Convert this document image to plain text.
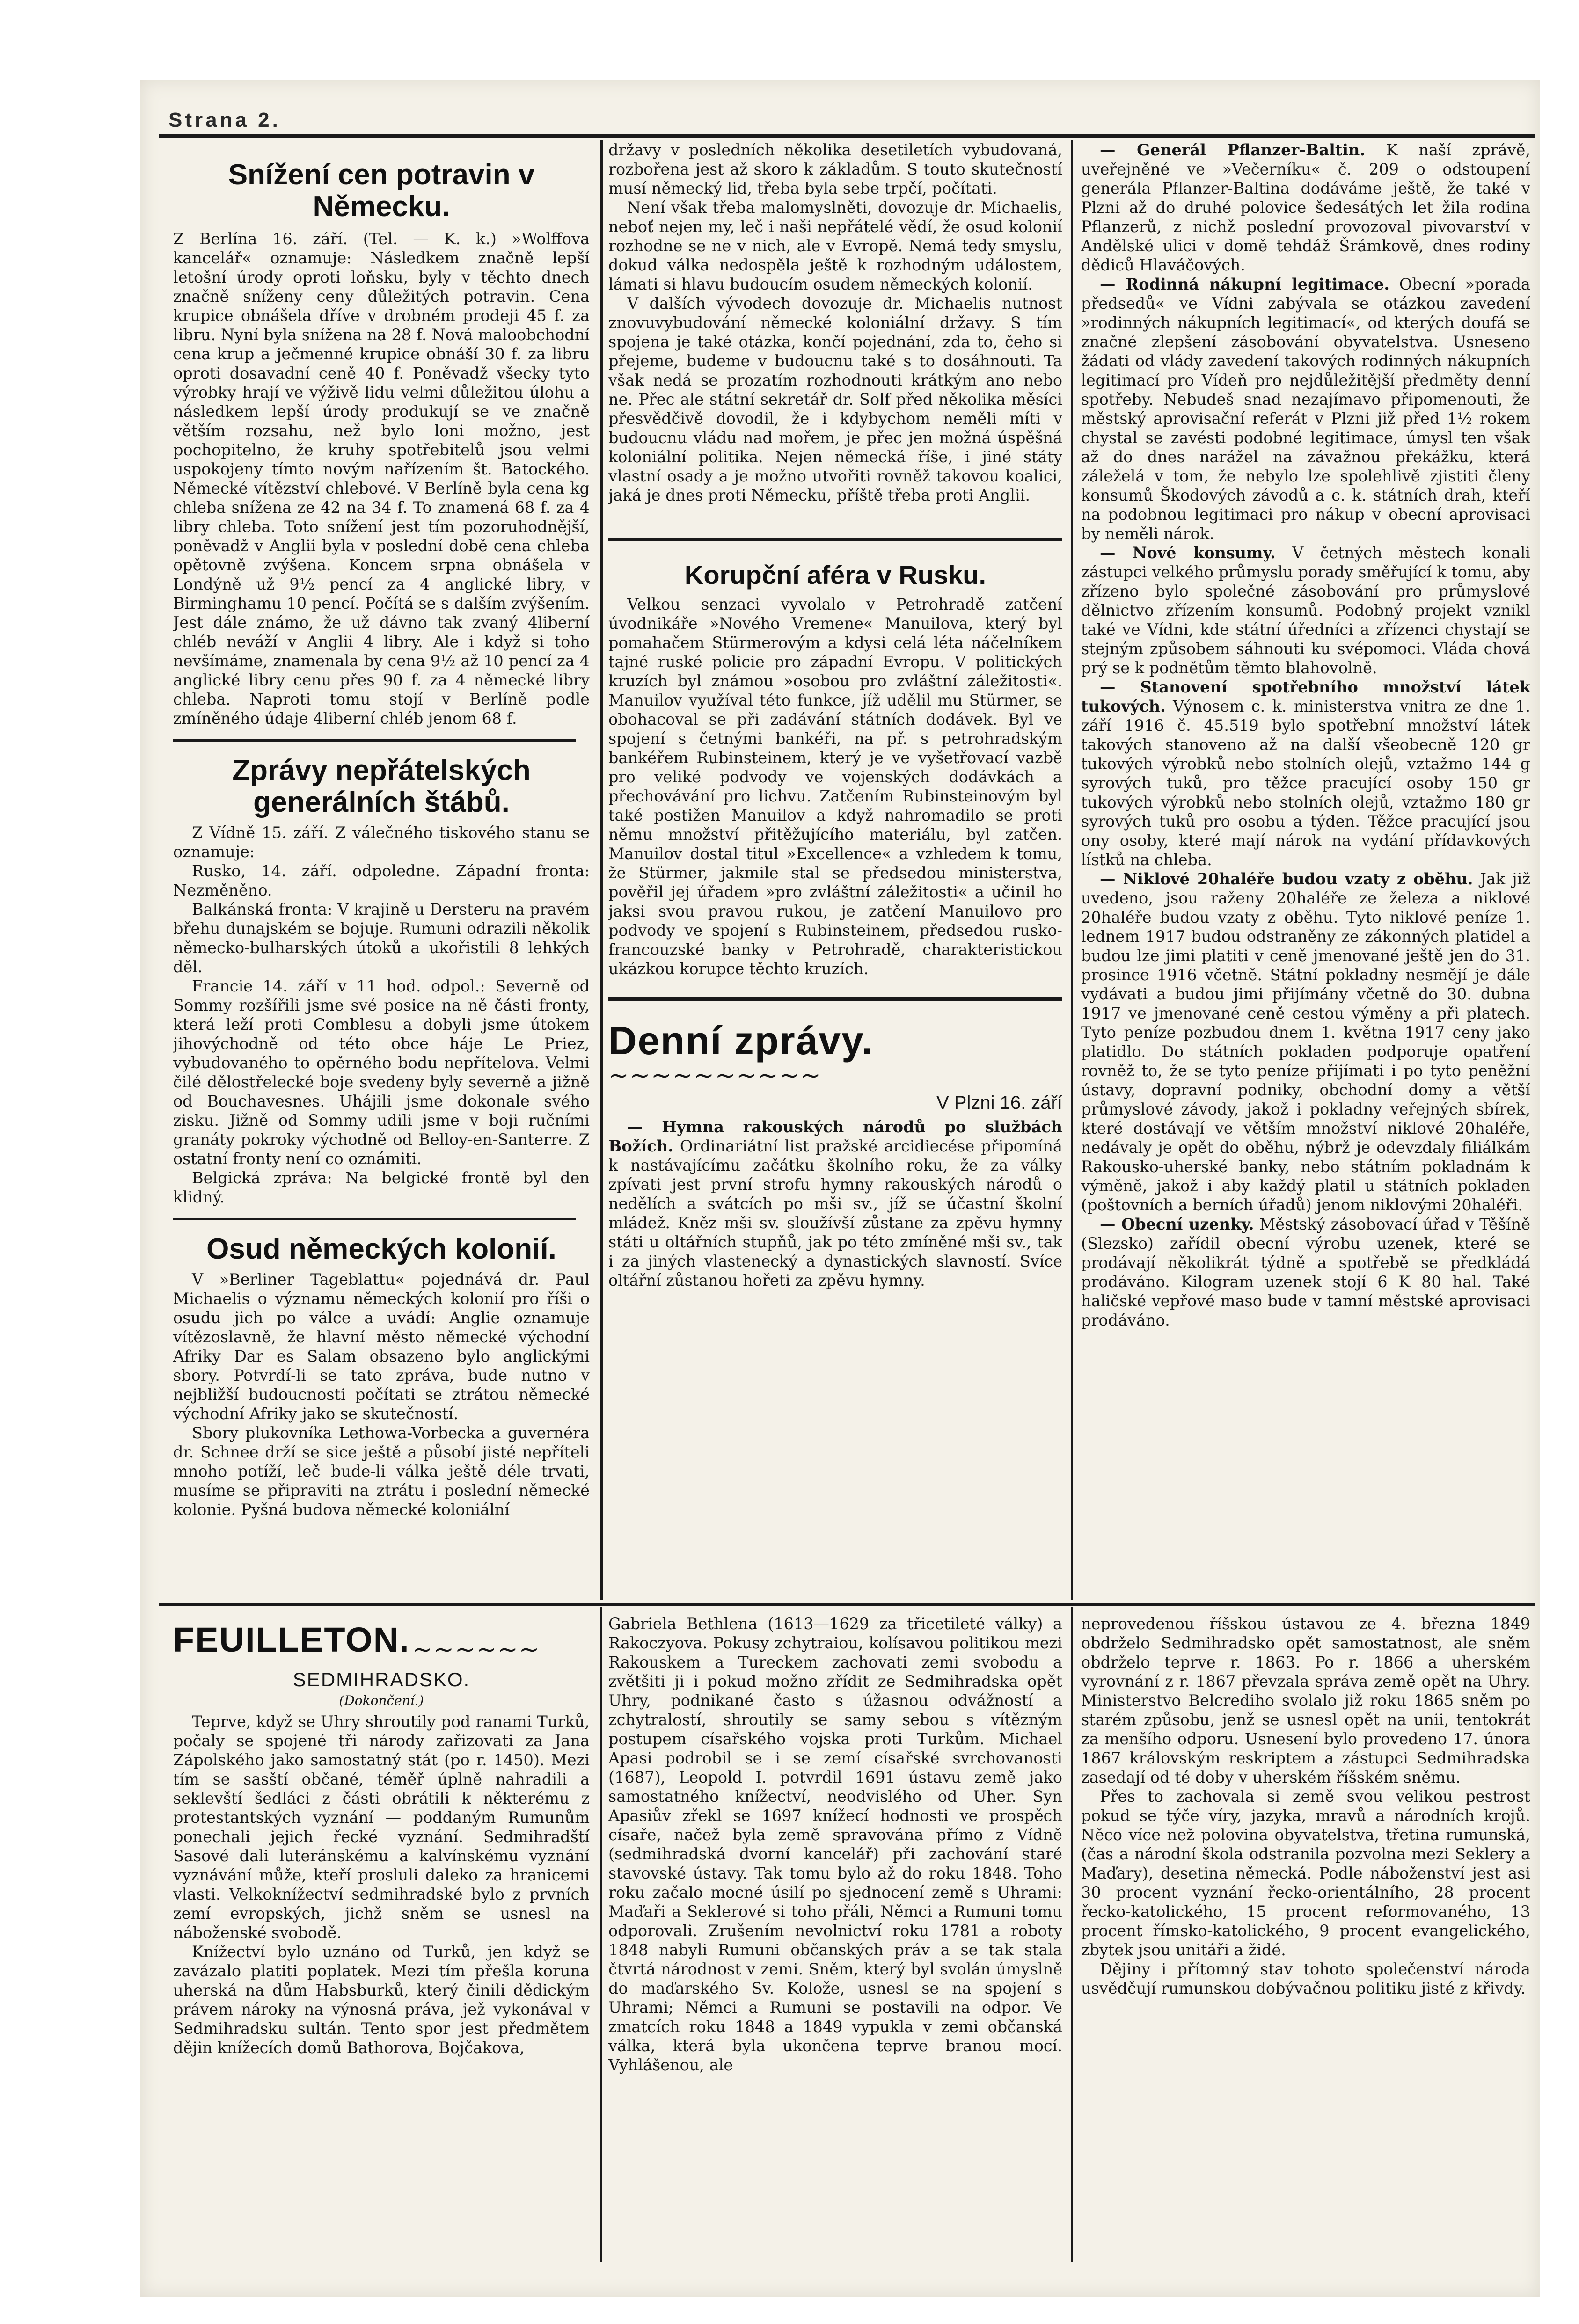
Strana 2.
Snížení cen potravin v Německu.

Z Berlína 16. září. (Tel. — K. k.) »Wolffova kancelář« oznamuje: Následkem značně lepší letošní úrody oproti loňsku, byly v těchto dnech značně sníženy ceny důležitých potravin. Cena krupice obnášela dříve v drobném prodeji 45 f. za libru. Nyní byla snížena na 28 f. Nová maloobchodní cena krup a ječmenné krupice obnáší 30 f. za libru oproti dosavadní ceně 40 f. Poněvadž všecky tyto výrobky hrají ve výživě lidu velmi důležitou úlohu a následkem lepší úrody produkují se ve značně větším rozsahu, než bylo loni možno, jest pochopitelno, že kruhy spotřebitelů jsou velmi uspokojeny tímto novým nařízením št. Batockého. Německé vítězství chlebové. V Berlíně byla cena kg chleba snížena ze 42 na 34 f. To znamená 68 f. za 4 libry chleba. Toto snížení jest tím pozoruhodnější, poněvadž v Anglii byla v poslední době cena chleba opětovně zvýšena. Koncem srpna obnášela v Londýně už 9½ pencí za 4 anglické libry, v Birminghamu 10 pencí. Počítá se s dalším zvýšením. Jest dále známo, že už dávno tak zvaný 4liberní chléb neváží v Anglii 4 libry. Ale i když si toho nevšímáme, znamenala by cena 9½ až 10 pencí za 4 anglické libry cenu přes 90 f. za 4 německé libry chleba. Naproti tomu stojí v Berlíně podle zmíněného údaje 4liberní chléb jenom 68 f.

Zprávy nepřátelských generálních štábů.

Z Vídně 15. září. Z válečného tiskového stanu se oznamuje:

Rusko, 14. září. odpoledne. Západní fronta: Nezměněno.

Balkánská fronta: V krajině u Dersteru na pravém břehu dunajském se bojuje. Rumuni odrazili několik německo-bulharských útoků a ukořistili 8 lehkých děl.

Francie 14. září v 11 hod. odpol.: Severně od Sommy rozšířili jsme své posice na ně části fronty, která leží proti Comblesu a dobyli jsme útokem jihovýchodně od této obce háje Le Priez, vybudovaného to opěrného bodu nepřítelova. Velmi čilé dělostřelecké boje svedeny byly severně a jižně od Bouchavesnes. Uhájili jsme dokonale svého zisku. Jižně od Sommy udili jsme v boji ručními granáty pokroky východně od Belloy-en-Santerre. Z ostatní fronty není co oznámiti.

Belgická zpráva: Na belgické frontě byl den klidný.

Osud německých kolonií.

V »Berliner Tageblattu« pojednává dr. Paul Michaelis o významu německých kolonií pro říši o osudu jich po válce a uvádí: Anglie oznamuje vítězoslavně, že hlavní město německé východní Afriky Dar es Salam obsazeno bylo anglickými sbory. Potvrdí-li se tato zpráva, bude nutno v nejbližší budoucnosti počítati se ztrátou německé východní Afriky jako se skutečností.

Sbory plukovníka Lethowa-Vorbecka a guvernéra dr. Schnee drží se sice ještě a působí jisté nepříteli mnoho potíží, leč bude-li válka ještě déle trvati, musíme se připraviti na ztrátu i poslední německé kolonie. Pyšná budova německé koloniální

državy v posledních několika desetiletích vybudovaná, rozbořena jest až skoro k základům. S touto skutečností musí německý lid, třeba byla sebe trpčí, počítati.

Není však třeba malomyslněti, dovozuje dr. Michaelis, neboť nejen my, leč i naši nepřátelé vědí, že osud kolonií rozhodne se ne v nich, ale v Evropě. Nemá tedy smyslu, dokud válka nedospěla ještě k rozhodným událostem, lámati si hlavu budoucím osudem německých kolonií.

V dalších vývodech dovozuje dr. Michaelis nutnost znovuvybudování německé koloniální državy. S tím spojena je také otázka, končí pojednání, zda to, čeho si přejeme, budeme v budoucnu také s to dosáhnouti. Ta však nedá se prozatím rozhodnouti krátkým ano nebo ne. Přec ale státní sekretář dr. Solf před několika měsíci přesvědčivě dovodil, že i kdybychom neměli míti v budoucnu vládu nad mořem, je přec jen možná úspěšná koloniální politika. Nejen německá říše, i jiné státy vlastní osady a je možno utvořiti rovněž takovou koalici, jaká je dnes proti Německu, příště třeba proti Anglii.

Korupční aféra v Rusku.

Velkou senzaci vyvolalo v Petrohradě zatčení úvodnikáře »Nového Vremene« Manuilova, který byl pomahačem Stürmerovým a kdysi celá léta náčelníkem tajné ruské policie pro západní Evropu. V politických kruzích byl známou »osobou pro zvláštní záležitosti«. Manuilov využíval této funkce, jíž udělil mu Stürmer, se obohacoval se při zadávání státních dodávek. Byl ve spojení s četnými bankéři, na př. s petrohradským bankéřem Rubinsteinem, který je ve vyšetřovací vazbě pro veliké podvody ve vojenských dodávkách a přechovávání pro lichvu. Zatčením Rubinsteinovým byl také postižen Manuilov a když nahromadilo se proti němu množství přitěžujícího materiálu, byl zatčen. Manuilov dostal titul »Excellence« a vzhledem k tomu, že Stürmer, jakmile stal se předsedou ministerstva, pověřil jej úřadem »pro zvláštní záležitosti« a učinil ho jaksi svou pravou rukou, je zatčení Manuilovo pro podvody ve spojení s Rubinsteinem, předsedou rusko-francouzské banky v Petrohradě, charakteristickou ukázkou korupce těchto kruzích.

Denní zprávy. ~~~~~~~~~~
V Plzni 16. září

— Hymna rakouských národů po službách Božích. Ordinariátní list pražské arcidiecése připomíná k nastávajícímu začátku školního roku, že za války zpívati jest první strofu hymny rakouských národů o nedělích a svátcích po mši sv., jíž se účastní školní mládež. Kněz mši sv. sloužívší zůstane za zpěvu hymny státi u oltářních stupňů, jak po této zmíněné mši sv., tak i za jiných vlastenecký a dynastických slavností. Svíce oltářní zůstanou hořeti za zpěvu hymny.

— Generál Pflanzer-Baltin. K naší zprávě, uveřejněné ve »Večerníku« č. 209 o odstoupení generála Pflanzer-Baltina dodáváme ještě, že také v Plzni až do druhé polovice šedesátých let žila rodina Pflanzerů, z nichž poslední provozoval pivovarství v Andělské ulici v domě tehdáž Šrámkově, dnes rodiny dědiců Hlaváčových.

— Rodinná nákupní legitimace. Obecní »porada předsedů« ve Vídni zabývala se otázkou zavedení »rodinných nákupních legitimací«, od kterých doufá se značné zlepšení zásobování obyvatelstva. Usneseno žádati od vlády zavedení takových rodinných nákupních legitimací pro Vídeň pro nejdůležitější předměty denní spotřeby. Nebudeš snad nezajímavo připomenouti, že městský aprovisační referát v Plzni již před 1½ rokem chystal se zavésti podobné legitimace, úmysl ten však až do dnes narážel na závažnou překážku, která záleželá v tom, že nebylo lze spolehlivě zjistiti členy konsumů Škodových závodů a c. k. státních drah, kteří na podobnou legitimaci pro nákup v obecní aprovisaci by neměli nárok.

— Nové konsumy. V četných městech konali zástupci velkého průmyslu porady směřující k tomu, aby zřízeno bylo společné zásobování pro průmyslové dělnictvo zřízením konsumů. Podobný projekt vznikl také ve Vídni, kde státní úředníci a zřízenci chystají se stejným způsobem sáhnouti ku svépomoci. Vláda chová prý se k podnětům těmto blahovolně.

— Stanovení spotřebního množství látek tukových. Výnosem c. k. ministerstva vnitra ze dne 1. září 1916 č. 45.519 bylo spotřební množství látek takových stanoveno až na další všeobecně 120 gr tukových výrobků nebo stolních olejů, vztažmo 144 g syrových tuků, pro těžce pracující osoby 150 gr tukových výrobků nebo stolních olejů, vztažmo 180 gr syrových tuků pro osobu a týden. Těžce pracující jsou ony osoby, které mají nárok na vydání přídavkových lístků na chleba.

— Niklové 20haléře budou vzaty z oběhu. Jak již uvedeno, jsou raženy 20haléře ze železa a niklové 20haléře budou vzaty z oběhu. Tyto niklové peníze 1. lednem 1917 budou odstraněny ze zákonných platidel a budou lze jimi platiti v ceně jmenované ještě jen do 31. prosince 1916 včetně. Státní pokladny nesmějí je dále vydávati a budou jimi přijímány včetně do 30. dubna 1917 ve jmenované ceně cestou výměny a při platech. Tyto peníze pozbudou dnem 1. května 1917 ceny jako platidlo. Do státních pokladen podporuje opatření rovněž to, že se tyto peníze přijímati i po tyto peněžní ústavy, dopravní podniky, obchodní domy a větší průmyslové závody, jakož i pokladny veřejných sbírek, které dostávají ve větším množství niklové 20haléře, nedávaly je opět do oběhu, nýbrž je odevzdaly filiálkám Rakousko-uherské banky, nebo státním pokladnám k výměně, jakož i aby každý platil u státních pokladen (poštovních a berních úřadů) jenom niklovými 20haléři.

— Obecní uzenky. Městský zásobovací úřad v Těšíně (Slezsko) zařídil obecní výrobu uzenek, které se prodávají několikrát týdně a spotřebě se předkládá prodáváno. Kilogram uzenek stojí 6 K 80 hal. Také haličské vepřové maso bude v tamní městské aprovisaci prodáváno.

FEUILLETON. ~~~~~~
SEDMIHRADSKO.
(Dokončení.)

Teprve, když se Uhry shroutily pod ranami Turků, počaly se spojené tři národy zařizovati za Jana Zápolského jako samostatný stát (po r. 1450). Mezi tím se sasští občané, téměř úplně nahradili a seklevští šedláci z části obrátili k některému z protestantských vyznání — poddaným Rumunům ponechali jejich řecké vyznání. Sedmihradští Sasové dali luteránskému a kalvínskému vyznání vyznávání může, kteří prosluli daleko za hranicemi vlasti. Velkoknížectví sedmihradské bylo z prvních zemí evropských, jichž sněm se usnesl na náboženské svobodě.

Knížectví bylo uznáno od Turků, jen když se zavázalo platiti poplatek. Mezi tím přešla koruna uherská na dům Habsburků, který činili dědickým právem nároky na výnosná práva, jež vykonával v Sedmihradsku sultán. Tento spor jest předmětem dějin knížecích domů Bathorova, Bojčakova,

Gabriela Bethlena (1613—1629 za třicetileté války) a Rakoczyova. Pokusy zchytraiou, kolísavou politikou mezi Rakouskem a Tureckem zachovati zemi svobodu a zvětšiti ji i pokud možno zřídit ze Sedmihradska opět Uhry, podnikané často s úžasnou odvážností a zchytralostí, shroutily se samy sebou s vítězným postupem císařského vojska proti Turkům. Michael Apasi podrobil se i se zemí císařské svrchovanosti (1687), Leopold I. potvrdil 1691 ústavu země jako samostatného knížectví, neodvislého od Uher. Syn Apasiův zřekl se 1697 knížecí hodnosti ve prospěch císaře, načež byla země spravována přímo z Vídně (sedmihradská dvorní kancelář) při zachování staré stavovské ústavy. Tak tomu bylo až do roku 1848. Toho roku začalo mocné úsilí po sjednocení země s Uhrami: Maďaři a Seklerové si toho přáli, Němci a Rumuni tomu odporovali. Zrušením nevolnictví roku 1781 a roboty 1848 nabyli Rumuni občanských práv a se tak stala čtvrtá národnost v zemi. Sněm, který byl svolán úmyslně do maďarského Sv. Kolože, usnesl se na spojení s Uhrami; Němci a Rumuni se postavili na odpor. Ve zmatcích roku 1848 a 1849 vypukla v zemi občanská válka, která byla ukončena teprve branou mocí. Vyhlášenou, ale

neprovedenou říšskou ústavou ze 4. března 1849 obdrželo Sedmihradsko opět samostatnost, ale sněm obdrželo teprve r. 1863. Po r. 1866 a uherském vyrovnání z r. 1867 převzala správa země opět na Uhry. Ministerstvo Belcrediho svolalo již roku 1865 sněm po starém způsobu, jenž se usnesl opět na unii, tentokrát za menšího odporu. Usnesení bylo provedeno 17. února 1867 královským reskriptem a zástupci Sedmihradska zasedají od té doby v uherském říšském sněmu.

Přes to zachovala si země svou velikou pestrost pokud se týče víry, jazyka, mravů a národních krojů. Něco více než polovina obyvatelstva, třetina rumunská, (čas a národní škola odstranila pozvolna mezi Seklery a Maďary), desetina německá. Podle náboženství jest asi 30 procent vyznání řecko-orientálního, 28 procent řecko-katolického, 15 procent reformovaného, 13 procent římsko-katolického, 9 procent evangelického, zbytek jsou unitáři a židé.

Dějiny i přítomný stav tohoto společenství národa usvědčují rumunskou dobývačnou politiku jisté z křivdy.
